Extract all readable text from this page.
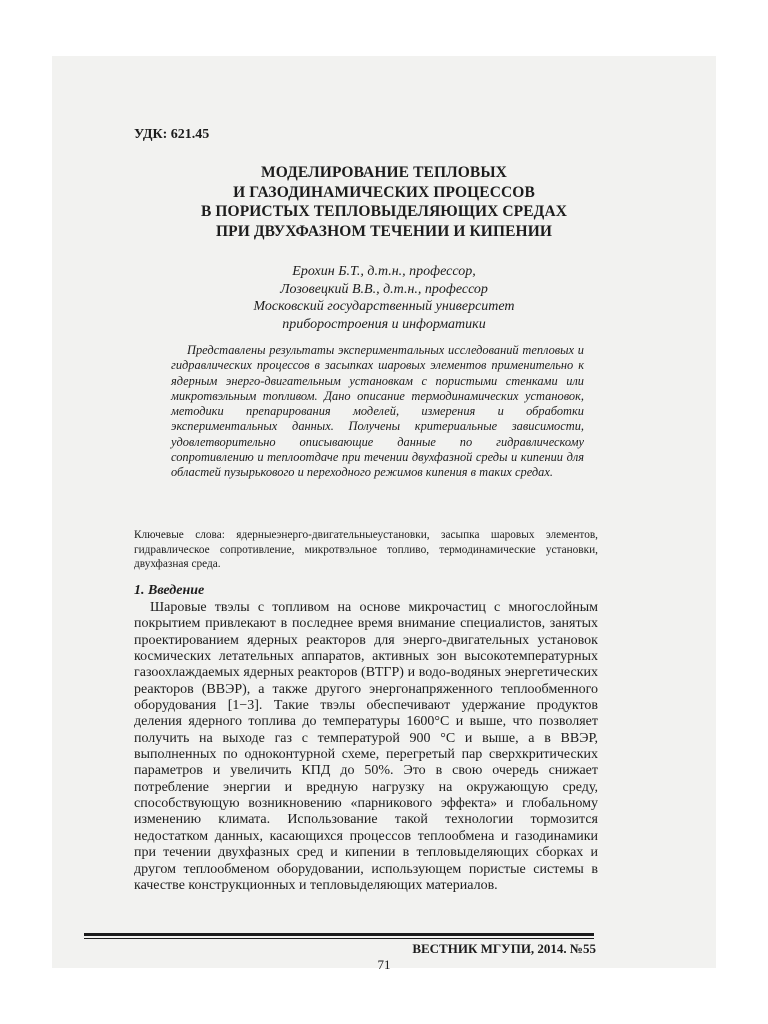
УДК: 621.45

МОДЕЛИРОВАНИЕ ТЕПЛОВЫХ
И ГАЗОДИНАМИЧЕСКИХ ПРОЦЕССОВ
В ПОРИСТЫХ ТЕПЛОВЫДЕЛЯЮЩИХ СРЕДАХ
ПРИ ДВУХФАЗНОМ ТЕЧЕНИИ И КИПЕНИИ
Ерохин Б.Т., д.т.н., профессор,
Лозовецкий В.В., д.т.н., профессор
Московский государственный университет
приборостроения и информатики

Представлены результаты экспериментальных исследований тепловых и гидравлических процессов в засыпках шаровых элементов применительно к ядерным энерго-двигательным установкам с пористыми стенками или микротвэльным топливом. Дано описание термодинамических установок, методики препарирования моделей, измерения и обработки экспериментальных данных. Получены критериальные зависимости, удовлетворительно описывающие данные по гидравлическому сопротивлению и теплоотдаче при течении двухфазной среды и кипении для областей пузырькового и переходного режимов кипения в таких средах.

Ключевые слова: ядерныеэнерго-двигательныеустановки, засыпка шаровых элементов, гидравлическое сопротивление, микротвэльное топливо, термодинамические установки, двухфазная среда.

1. Введение

Шаровые твэлы с топливом на основе микрочастиц с многослойным покрытием привлекают в последнее время внимание специалистов, занятых проектированием ядерных реакторов для энерго-двигательных установок космических летательных аппаратов, активных зон высокотемпературных газоохлаждаемых ядерных реакторов (ВТГР) и водо-водяных энергетических реакторов (ВВЭР), а также другого энергонапряженного теплообменного оборудования [1−3]. Такие твэлы обеспечивают удержание продуктов деления ядерного топлива до температуры 1600°С и выше, что позволяет получить на выходе газ с температурой 900 °С и выше, а в ВВЭР, выполненных по одноконтурной схеме, перегретый пар сверхкритических параметров и увеличить КПД до 50%. Это в свою очередь снижает потребление энергии и вредную нагрузку на окружающую среду, способствующую возникновению «парникового эффекта» и глобальному изменению климата. Использование такой технологии тормозится недостатком данных, касающихся процессов теплообмена и газодинамики при течении двухфазных сред и кипении в тепловыделяющих сборках и другом теплообменом оборудовании, использующем пористые системы в качестве конструкционных и тепловыделяющих материалов.

ВЕСТНИК МГУПИ, 2014. №55

71
